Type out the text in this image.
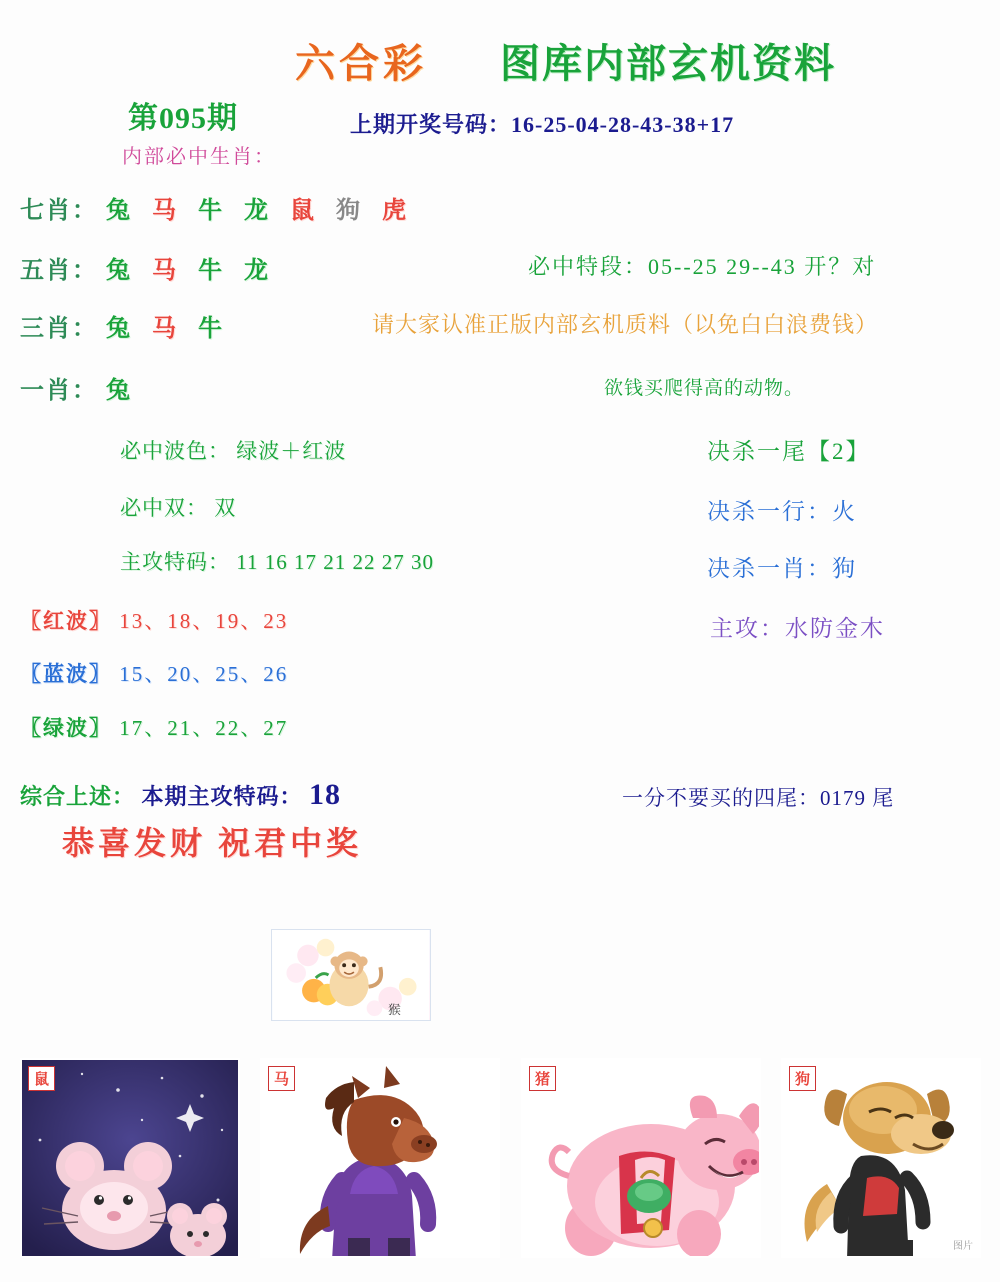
六合彩 图库内部玄机资料
第095期	上期开奖号码：16-25-04-28-43-38+17
内部必中生肖：
七肖： 兔 马 牛 龙 鼠 狗 虎
五肖： 兔 马 牛 龙
三肖： 兔 马 牛
一肖： 兔
必中波色： 绿波＋红波
必中双： 双
主攻特码： 11 16 17 21 22 27 30
〖红波〗 13、18、19、23
〖蓝波〗 15、20、25、26
〖绿波〗 17、21、22、27
必中特段：05--25 29--43 开？对
请大家认准正版内部玄机质料（以免白白浪费钱）
欲钱买爬得高的动物。
决杀一尾【2】
决杀一行：火
决杀一肖：狗
主攻：水防金木
综合上述： 本期主攻特码： 18	一分不要买的四尾：0179 尾
恭喜发财 祝君中奖
猴
鼠	马	猪	狗
图片
